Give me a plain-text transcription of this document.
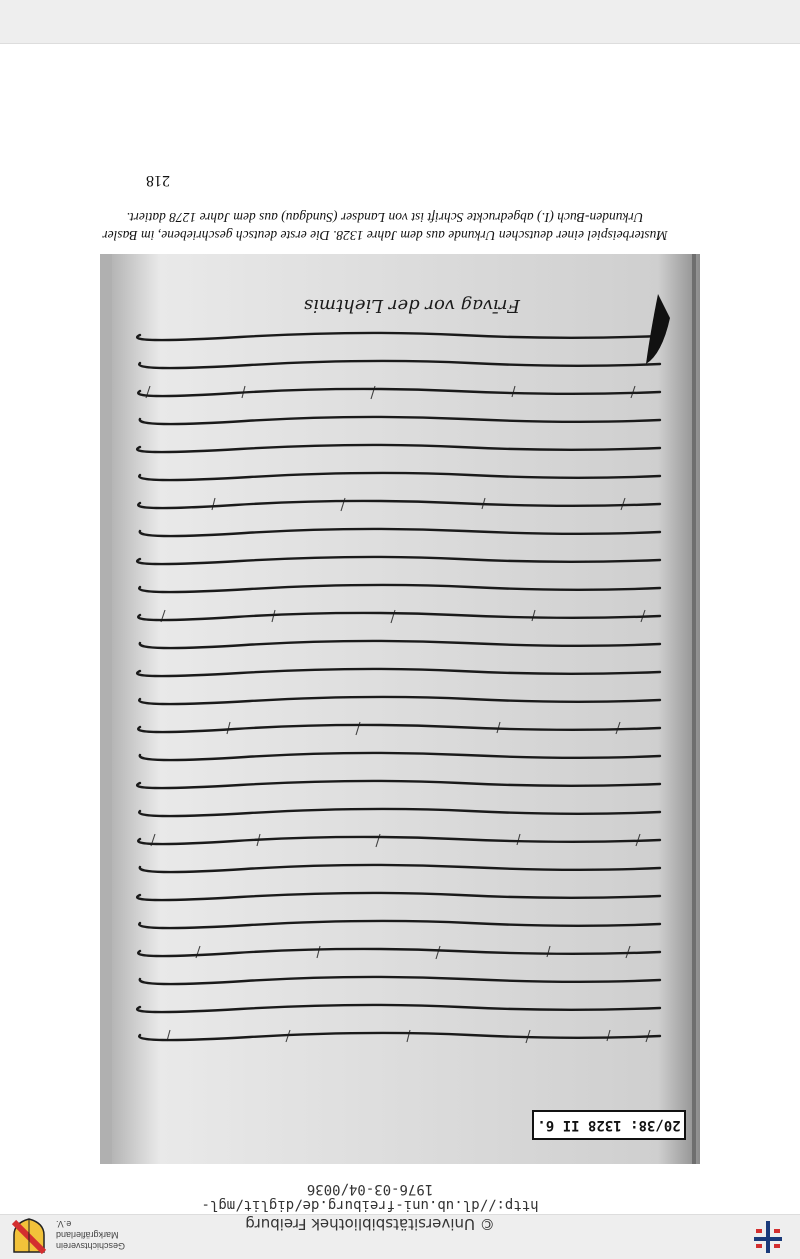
© Universitätsbibliothek Freiburg
http://dl.ub.uni-freiburg.de/diglit/mgl-1976-03-04/0036
Geschichtsverein
Markgräflerland e.V.
20/38: 1328 II 6.
Frīvag vor der Liehtmis
Musterbeispiel einer deutschen Urkunde aus dem Jahre 1328. Die erste deutsch geschriebene, im Basler Urkunden-Buch (I.) abgedruckte Schrift ist von Landser (Sundgau) aus dem Jahre 1278 datiert.
218
